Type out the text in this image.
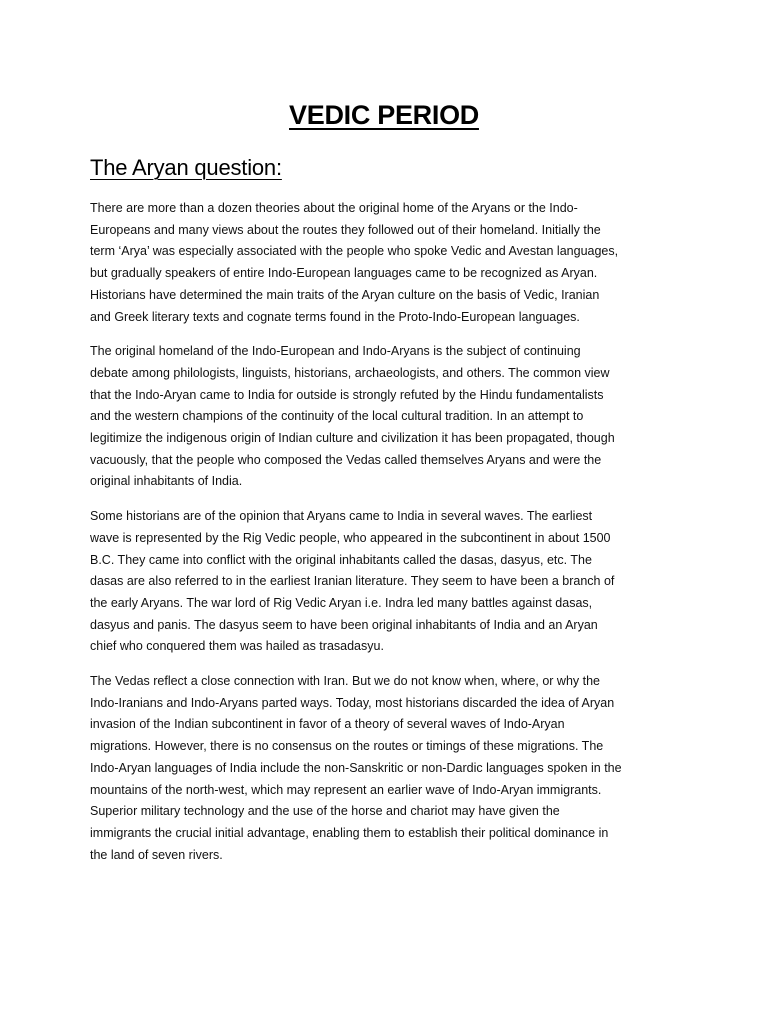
VEDIC PERIOD
The Aryan question:

There are more than a dozen theories about the original home of the Aryans or the Indo-
Europeans and many views about the routes they followed out of their homeland. Initially the
term ‘Arya’ was especially associated with the people who spoke Vedic and Avestan languages,
but gradually speakers of entire Indo-European languages came to be recognized as Aryan.
Historians have determined the main traits of the Aryan culture on the basis of Vedic, Iranian
and Greek literary texts and cognate terms found in the Proto-Indo-European languages.

The original homeland of the Indo-European and Indo-Aryans is the subject of continuing
debate among philologists, linguists, historians, archaeologists, and others. The common view
that the Indo-Aryan came to India for outside is strongly refuted by the Hindu fundamentalists
and the western champions of the continuity of the local cultural tradition. In an attempt to
legitimize the indigenous origin of Indian culture and civilization it has been propagated, though
vacuously, that the people who composed the Vedas called themselves Aryans and were the
original inhabitants of India.

Some historians are of the opinion that Aryans came to India in several waves. The earliest
wave is represented by the Rig Vedic people, who appeared in the subcontinent in about 1500
B.C. They came into conflict with the original inhabitants called the dasas, dasyus, etc. The
dasas are also referred to in the earliest Iranian literature. They seem to have been a branch of
the early Aryans. The war lord of Rig Vedic Aryan i.e. Indra led many battles against dasas,
dasyus and panis. The dasyus seem to have been original inhabitants of India and an Aryan
chief who conquered them was hailed as trasadasyu.

The Vedas reflect a close connection with Iran. But we do not know when, where, or why the
Indo-Iranians and Indo-Aryans parted ways. Today, most historians discarded the idea of Aryan
invasion of the Indian subcontinent in favor of a theory of several waves of Indo-Aryan
migrations. However, there is no consensus on the routes or timings of these migrations. The
Indo-Aryan languages of India include the non-Sanskritic or non-Dardic languages spoken in the
mountains of the north-west, which may represent an earlier wave of Indo-Aryan immigrants.
Superior military technology and the use of the horse and chariot may have given the
immigrants the crucial initial advantage, enabling them to establish their political dominance in
the land of seven rivers.
